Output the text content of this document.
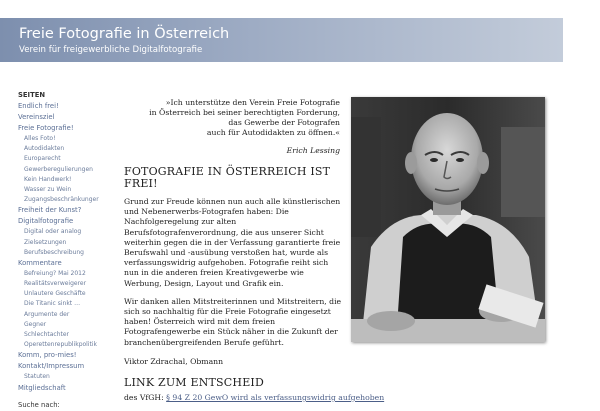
Freie Fotografie in Österreich
Verein für freigewerbliche Digitalfotografie
SEITEN
Endlich frei!
Vereinsziel
Freie Fotografie!
Alles Foto!
Autodidakten
Europarecht
Gewerberegulierungen
Kein Handwerk!
Wasser zu Wein
Zugangsbeschränkunger
Freiheit der Kunst?
Digitalfotografie
Digital oder analog
Zielsetzungen
Berufsbeschreibung
Kommentare
Befreiung? Mai 2012
Realitätsverweigerer
Unlautere Geschäfte
Die Titanic sinkt …
Argumente der
Gegner
Schlechtachter
Operettenrepublikpolitik
Komm, pro-mies!
Kontakt/Impressum
Statuten
Mitgliedschaft
Suche nach:
»Ich unterstütze den Verein Freie Fotografie
in Österreich bei seiner berechtigten Forderung,
das Gewerbe der Fotografen
auch für Autodidakten zu öffnen.«
Erich Lessing
FOTOGRAFIE IN ÖSTERREICH IST FREI!

Grund zur Freude können nun auch alle künstlerischen und Nebenerwerbs-Fotografen haben: Die Nachfolgeregelung zur alten Berufsfotografenverordnung, die aus unserer Sicht weiterhin gegen die in der Verfassung garantierte freie Berufswahl und -ausübung verstoßen hat, wurde als verfassungswidrig aufgehoben. Fotografie reiht sich nun in die anderen freien Kreativgewerbe wie Werbung, Design, Layout und Grafik ein.

Wir danken allen Mitstreiterinnen und Mitstreitern, die sich so nachhaltig für die Freie Fotografie eingesetzt haben! Österreich wird mit dem freien Fotografengewerbe ein Stück näher in die Zukunft der branchenübergreifenden Berufe geführt.

Viktor Zdrachal, Obmann

LINK ZUM ENTSCHEID
des VfGH: § 94 Z 20 GewO wird als verfassungswidrig aufgehoben
